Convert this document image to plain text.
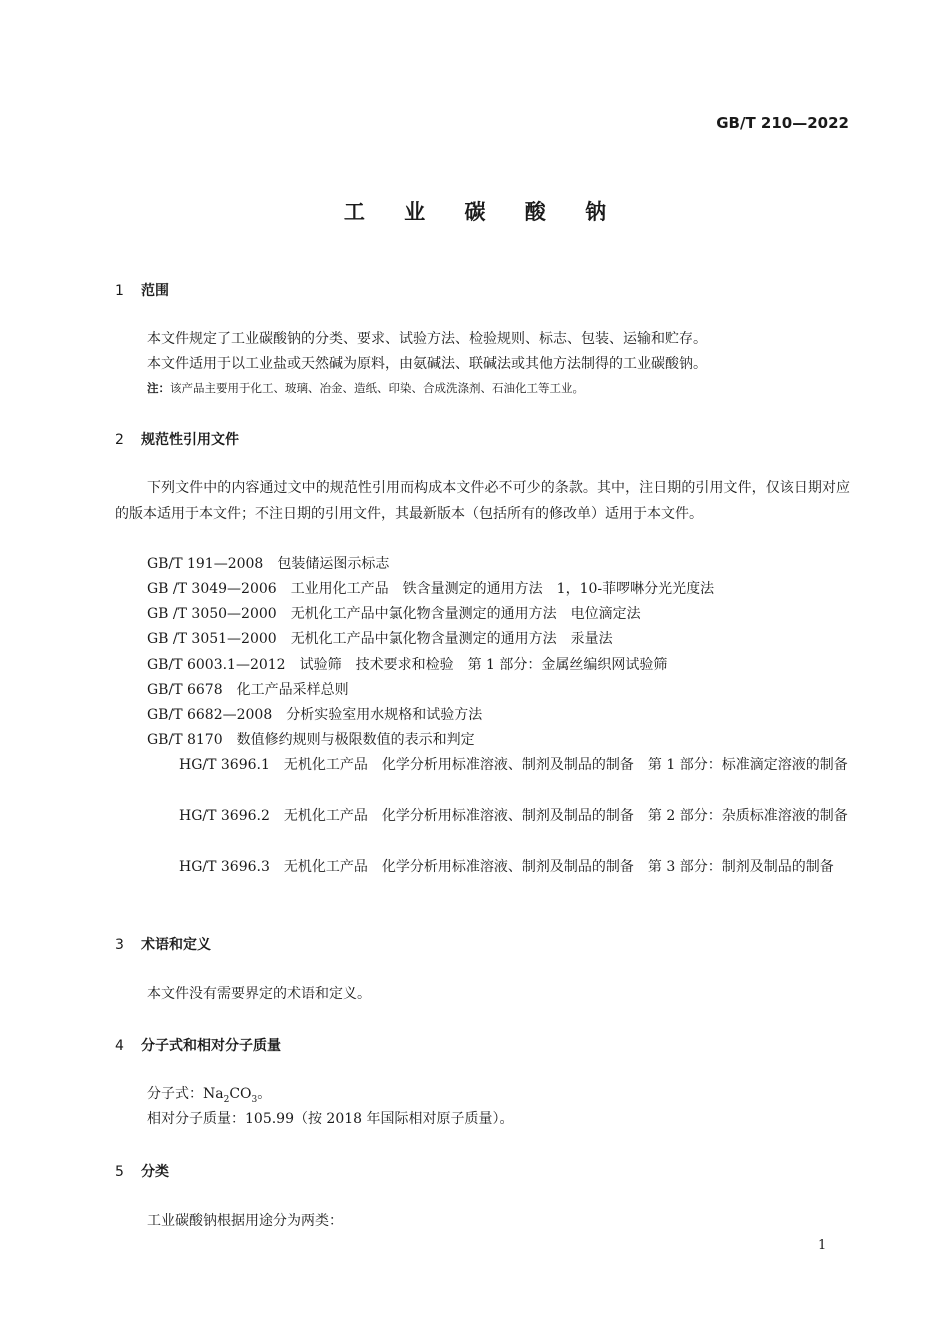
GB/T 210—2022
工 业 碳 酸 钠
1 范围
本文件规定了工业碳酸钠的分类、要求、试验方法、检验规则、标志、包装、运输和贮存。
本文件适用于以工业盐或天然碱为原料，由氨碱法、联碱法或其他方法制得的工业碳酸钠。
注：该产品主要用于化工、玻璃、冶金、造纸、印染、合成洗涤剂、石油化工等工业。
2 规范性引用文件
下列文件中的内容通过文中的规范性引用而构成本文件必不可少的条款。其中，注日期的引用文件，仅该日期对应的版本适用于本文件；不注日期的引用文件，其最新版本（包括所有的修改单）适用于本文件。
GB/T 191—2008 包装储运图示标志
GB /T 3049—2006 工业用化工产品　铁含量测定的通用方法　1，10-菲啰啉分光光度法
GB /T 3050—2000 无机化工产品中氯化物含量测定的通用方法　电位滴定法
GB /T 3051—2000 无机化工产品中氯化物含量测定的通用方法　汞量法
GB/T 6003.1—2012 试验筛　技术要求和检验　第 1 部分：金属丝编织网试验筛
GB/T 6678 化工产品采样总则
GB/T 6682—2008 分析实验室用水规格和试验方法
GB/T 8170 数值修约规则与极限数值的表示和判定
HG/T 3696.1 无机化工产品　化学分析用标准溶液、制剂及制品的制备　第 1 部分：标准滴定溶液的制备
HG/T 3696.2 无机化工产品　化学分析用标准溶液、制剂及制品的制备　第 2 部分：杂质标准溶液的制备
HG/T 3696.3 无机化工产品　化学分析用标准溶液、制剂及制品的制备　第 3 部分：制剂及制品的制备
3 术语和定义
本文件没有需要界定的术语和定义。
4 分子式和相对分子质量
分子式：$Na_2CO_3$。
相对分子质量：105.99（按 2018 年国际相对原子质量）。
5 分类
工业碳酸钠根据用途分为两类：
1
